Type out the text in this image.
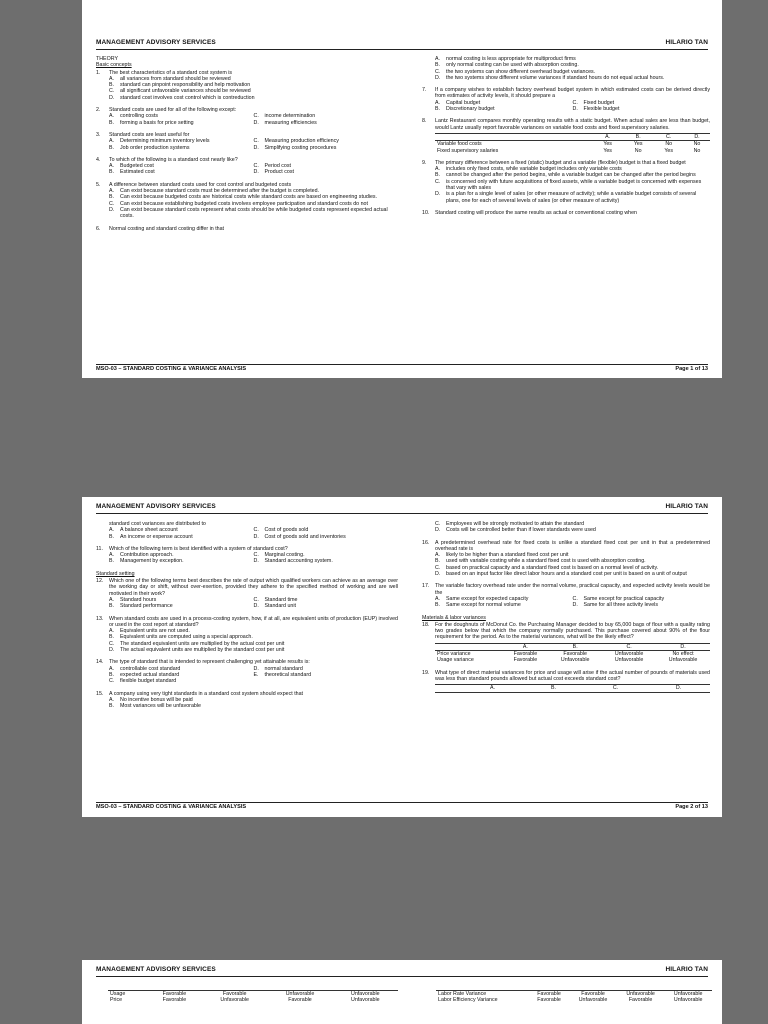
MANAGEMENT ADVISORY SERVICES	HILARIO TAN
THEORY
Basic concepts
1.	The best characteristics of a standard cost system is
A.	all variances from standard should be reviewed
B.	standard can pinpoint responsibility and help motivation
C.	all significant unfavorable variances should be reviewed
D.	standard cost involves cost control which is contreduction
2.	Standard costs are used for all of the following except:
A.	controlling costs	C.	income determination
B.	forming a basis for price setting	D.	measuring efficiencies
3.	Standard costs are least useful for
A.	Determining minimum inventory levels	C.	Measuring production efficiency
B.	Job order production systems	D.	Simplifying costing procedures
4.	To which of the following is a standard cost nearly like?
A.	Budgeted cost	C.	Period cost
B.	Estimated cost	D.	Product cost
5.	A difference between standard costs used for cost control and budgeted costs
A.	Can exist because standard costs must be determined after the budget is completed.
B.	Can exist because budgeted costs are historical costs while standard costs are based on engineering studies.
C.	Can exist because establishing budgeted costs involves employee participation and standard costs do not
D.	Can exist because standard costs represent what costs should be while budgeted costs represent expected actual costs.
6.	Normal costing and standard costing differ in that
A.	normal costing is less appropriate for multiproduct firms
B.	only normal costing can be used with absorption costing.
C.	the two systems can show different overhead budget variances.
D.	the two systems show different volume variances if standard hours do not equal actual hours.
7.	If a company wishes to establish factory overhead budget system in which estimated costs can be derived directly from estimates of activity levels, it should prepare a
A.	Capital budget	C.	Fixed budget
B.	Discretionary budget	D.	Flexible budget
8.	Lantz Restaurant compares monthly operating results with a static budget. When actual sales are less than budget, would Lantz usually report favorable variances on variable food costs and fixed supervisory salaries.
	A.	B.	C.	D.
Variable food costs	Yes	Yes	No	No
Fixed supervisory salaries	Yes	No	Yes	No
9.	The primary difference between a fixed (static) budget and a variable (flexible) budget is that a fixed budget
A.	includes only fixed costs, while variable budget includes only variable costs
B.	cannot be changed after the period begins, while a variable budget can be changed after the period begins
C.	is concerned only with future acquisitions of fixed assets, while a variable budget is concerned with expenses that vary with sales
D.	is a plan for a single level of sales (or other measure of activity); while a variable budget consists of several plans, one for each of several levels of sales (or other measure of activity)
10.	Standard costing will produce the same results as actual or conventional costing when
MSO-03 – STANDARD COSTING & VARIANCE ANALYSIS	Page 1 of 13
MANAGEMENT ADVISORY SERVICES	HILARIO TAN
standard cost variances are distributed to
A.	A balance sheet account	C.	Cost of goods sold
B.	An income or expense account	D.	Cost of goods sold and inventories
11.	Which of the following term is best identified with a system of standard cost?
A.	Contribution approach.	C.	Marginal costing.
B.	Management by exception.	D.	Standard accounting system.
Standard setting
12.	Which one of the following terms best describes the rate of output which qualified workers can achieve as an average over the working day or shift, without over-exertion, provided they adhere to the specified method of working and are well motivated in their work?
A.	Standard hours	C.	Standard time
B.	Standard performance	D.	Standard unit
13.	When standard costs are used in a process-costing system, how, if at all, are equivalent units of production (EUP) involved or used in the cost report at standard?
A.	Equivalent units are not used.
B.	Equivalent units are computed using a special approach.
C.	The standard equivalent units are multiplied by the actual cost per unit
D.	The actual equivalent units are multiplied by the standard cost per unit
14.	The type of standard that is intended to represent challenging yet attainable results is:
A.	controllable cost standard	D.	normal standard
B.	expected actual standard	E.	theoretical standard
C.	flexible budget standard
15.	A company using very tight standards in a standard cost system should expect that
A.	No incentive bonus will be paid
B.	Most variances will be unfavorable
C.	Employees will be strongly motivated to attain the standard
D.	Costs will be controlled better than if lower standards were used
16.	A predetermined overhead rate for fixed costs is unlike a standard fixed cost per unit in that a predetermined overhead rate is
A.	likely to be higher than a standard fixed cost per unit
B.	used with variable costing while a standard fixed cost is used with absorption costing.
C.	based on practical capacity and a standard fixed cost is based on a normal level of activity.
D.	based on an input factor like direct labor hours and a standard cost per unit is based on a unit of output
17.	The variable factory overhead rate under the normal volume, practical capacity, and expected activity levels would be the
A.	Same except for expected capacity	C.	Same except for practical capacity
B.	Same except for normal volume	D.	Same for all three activity levels
Materials & labor variances
18.	For the doughnuts of McDonut Co. the Purchasing Manager decided to buy 65,000 bags of flour with a quality rating two grades below that which the company normally purchased. This purchase covered about 90% of the flour requirement for the period. As to the material variances, what will be the likely effect?
	A.	B.	C.	D.
Price variance	Favorable	Favorable	Unfavorable	No effect
Usage variance	Favorable	Unfavorable	Unfavorable	Unfavorable
19.	What type of direct material variances for price and usage will arise if the actual number of pounds of materials used was less than standard pounds allowed but actual cost exceeds standard cost?
	A.	B.	C.	D.
MSO-03 – STANDARD COSTING & VARIANCE ANALYSIS	Page 2 of 13
MANAGEMENT ADVISORY SERVICES	HILARIO TAN
Usage	Favorable	Favorable	Unfavorable	Unfavorable
Price	Favorable	Unfavorable	Favorable	Unfavorable
Labor Rate Variance	Favorable	Favorable	Unfavorable	Unfavorable
Labor Efficiency Variance	Favorable	Unfavorable	Favorable	Unfavorable
